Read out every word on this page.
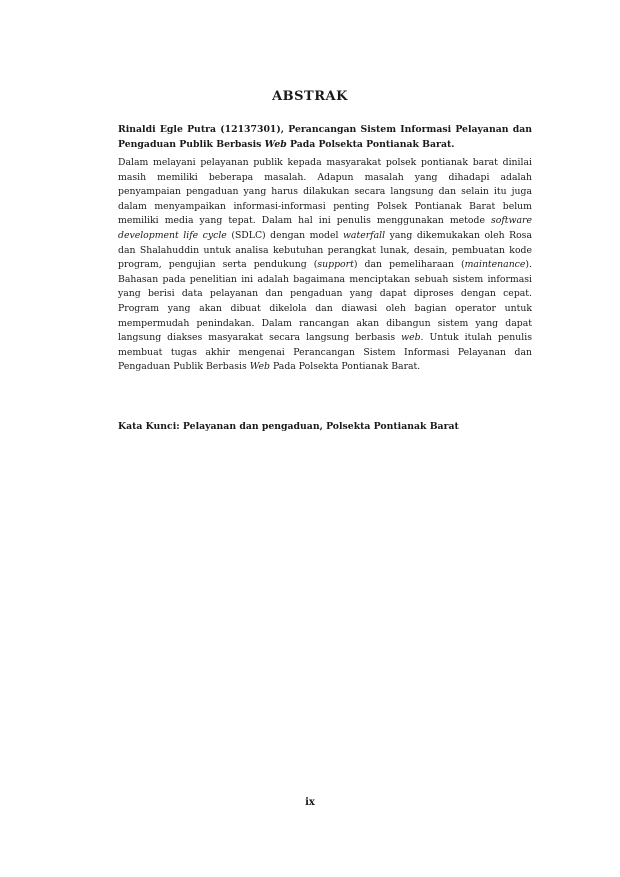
ABSTRAK
Rinaldi Egle Putra (12137301), Perancangan Sistem Informasi Pelayanan dan Pengaduan Publik Berbasis Web Pada Polsekta Pontianak Barat.
Dalam melayani pelayanan publik kepada masyarakat polsek pontianak barat dinilai masih memiliki beberapa masalah. Adapun masalah yang dihadapi adalah penyampaian pengaduan yang harus dilakukan secara langsung dan selain itu juga dalam menyampaikan informasi-informasi penting Polsek Pontianak Barat belum memiliki media yang tepat. Dalam hal ini penulis menggunakan metode software development life cycle (SDLC) dengan model waterfall yang dikemukakan oleh Rosa dan Shalahuddin untuk analisa kebutuhan perangkat lunak, desain, pembuatan kode program, pengujian serta pendukung (support) dan pemeliharaan (maintenance). Bahasan pada penelitian ini adalah bagaimana menciptakan sebuah sistem informasi yang berisi data pelayanan dan pengaduan yang dapat diproses dengan cepat. Program yang akan dibuat dikelola dan diawasi oleh bagian operator untuk mempermudah penindakan. Dalam rancangan akan dibangun sistem yang dapat langsung diakses masyarakat secara langsung berbasis web. Untuk itulah penulis membuat tugas akhir mengenai Perancangan Sistem Informasi Pelayanan dan Pengaduan Publik Berbasis Web Pada Polsekta Pontianak Barat.
Kata Kunci: Pelayanan dan pengaduan, Polsekta Pontianak Barat
ix
